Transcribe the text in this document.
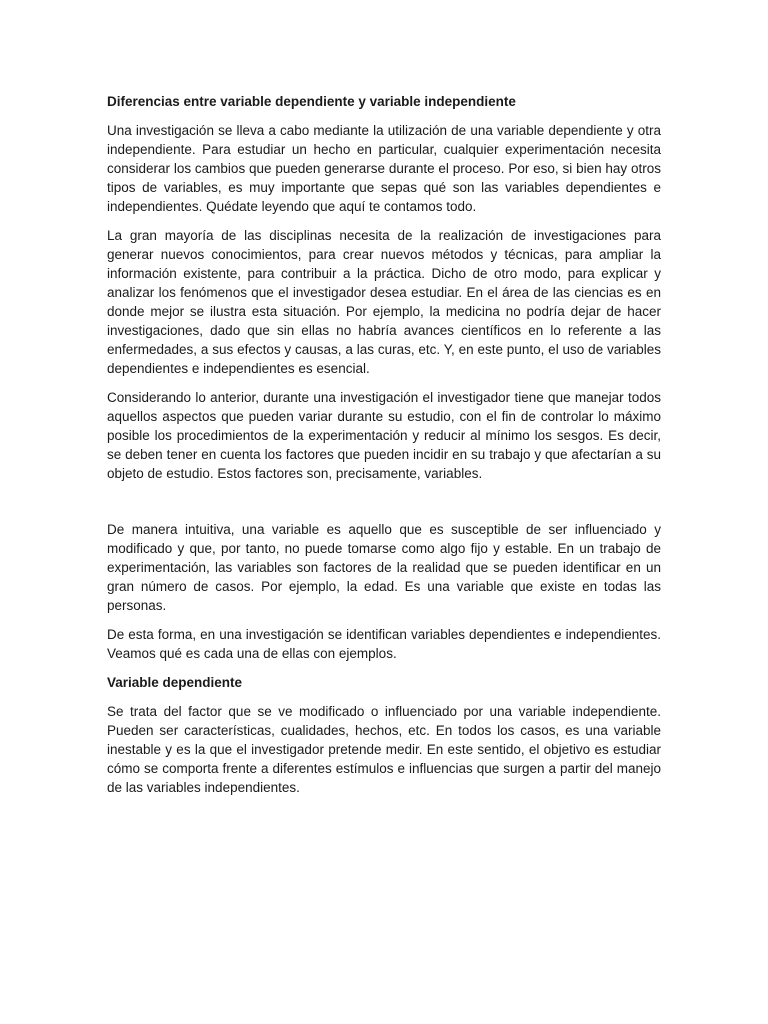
Diferencias entre variable dependiente y variable independiente

Una investigación se lleva a cabo mediante la utilización de una variable dependiente y otra independiente. Para estudiar un hecho en particular, cualquier experimentación necesita considerar los cambios que pueden generarse durante el proceso. Por eso, si bien hay otros tipos de variables, es muy importante que sepas qué son las variables dependientes e independientes. Quédate leyendo que aquí te contamos todo.

La gran mayoría de las disciplinas necesita de la realización de investigaciones para generar nuevos conocimientos, para crear nuevos métodos y técnicas, para ampliar la información existente, para contribuir a la práctica. Dicho de otro modo, para explicar y analizar los fenómenos que el investigador desea estudiar. En el área de las ciencias es en donde mejor se ilustra esta situación. Por ejemplo, la medicina no podría dejar de hacer investigaciones, dado que sin ellas no habría avances científicos en lo referente a las enfermedades, a sus efectos y causas, a las curas, etc. Y, en este punto, el uso de variables dependientes e independientes es esencial.

Considerando lo anterior, durante una investigación el investigador tiene que manejar todos aquellos aspectos que pueden variar durante su estudio, con el fin de controlar lo máximo posible los procedimientos de la experimentación y reducir al mínimo los sesgos. Es decir, se deben tener en cuenta los factores que pueden incidir en su trabajo y que afectarían a su objeto de estudio. Estos factores son, precisamente, variables.

De manera intuitiva, una variable es aquello que es susceptible de ser influenciado y modificado y que, por tanto, no puede tomarse como algo fijo y estable. En un trabajo de experimentación, las variables son factores de la realidad que se pueden identificar en un gran número de casos. Por ejemplo, la edad. Es una variable que existe en todas las personas.

De esta forma, en una investigación se identifican variables dependientes e independientes. Veamos qué es cada una de ellas con ejemplos.

Variable dependiente

Se trata del factor que se ve modificado o influenciado por una variable independiente. Pueden ser características, cualidades, hechos, etc. En todos los casos, es una variable inestable y es la que el investigador pretende medir. En este sentido, el objetivo es estudiar cómo se comporta frente a diferentes estímulos e influencias que surgen a partir del manejo de las variables independientes.
